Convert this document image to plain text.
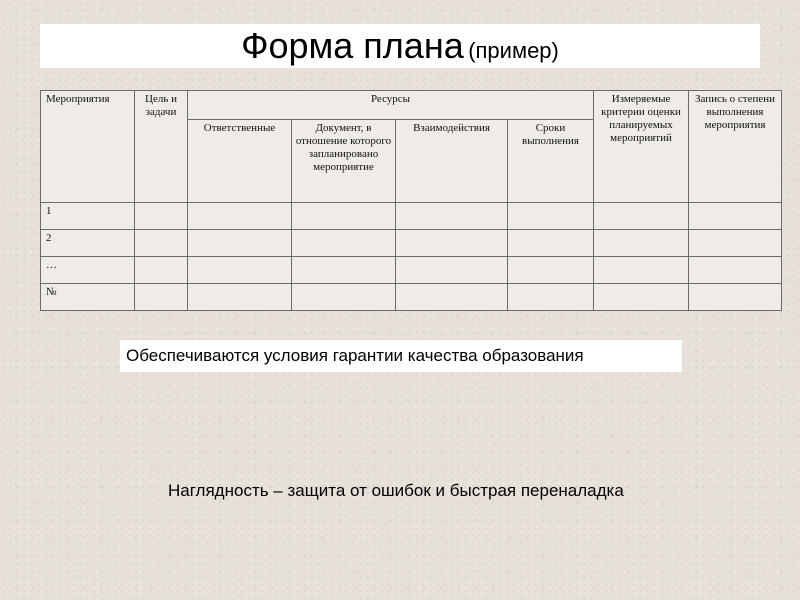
Форма плана (пример)
Мероприятия	Цель и задачи	Ресурсы				Измеряемые критерии оценки планируемых мероприятий	Запись о степени выполнения мероприятия
		Ответственные	Документ, в отношение которого запланировано мероприятие	Взаимодействия	Сроки выполнения		
1							
2							
…							
№							
Обеспечиваются условия гарантии качества образования
Наглядность – защита от ошибок и быстрая переналадка
